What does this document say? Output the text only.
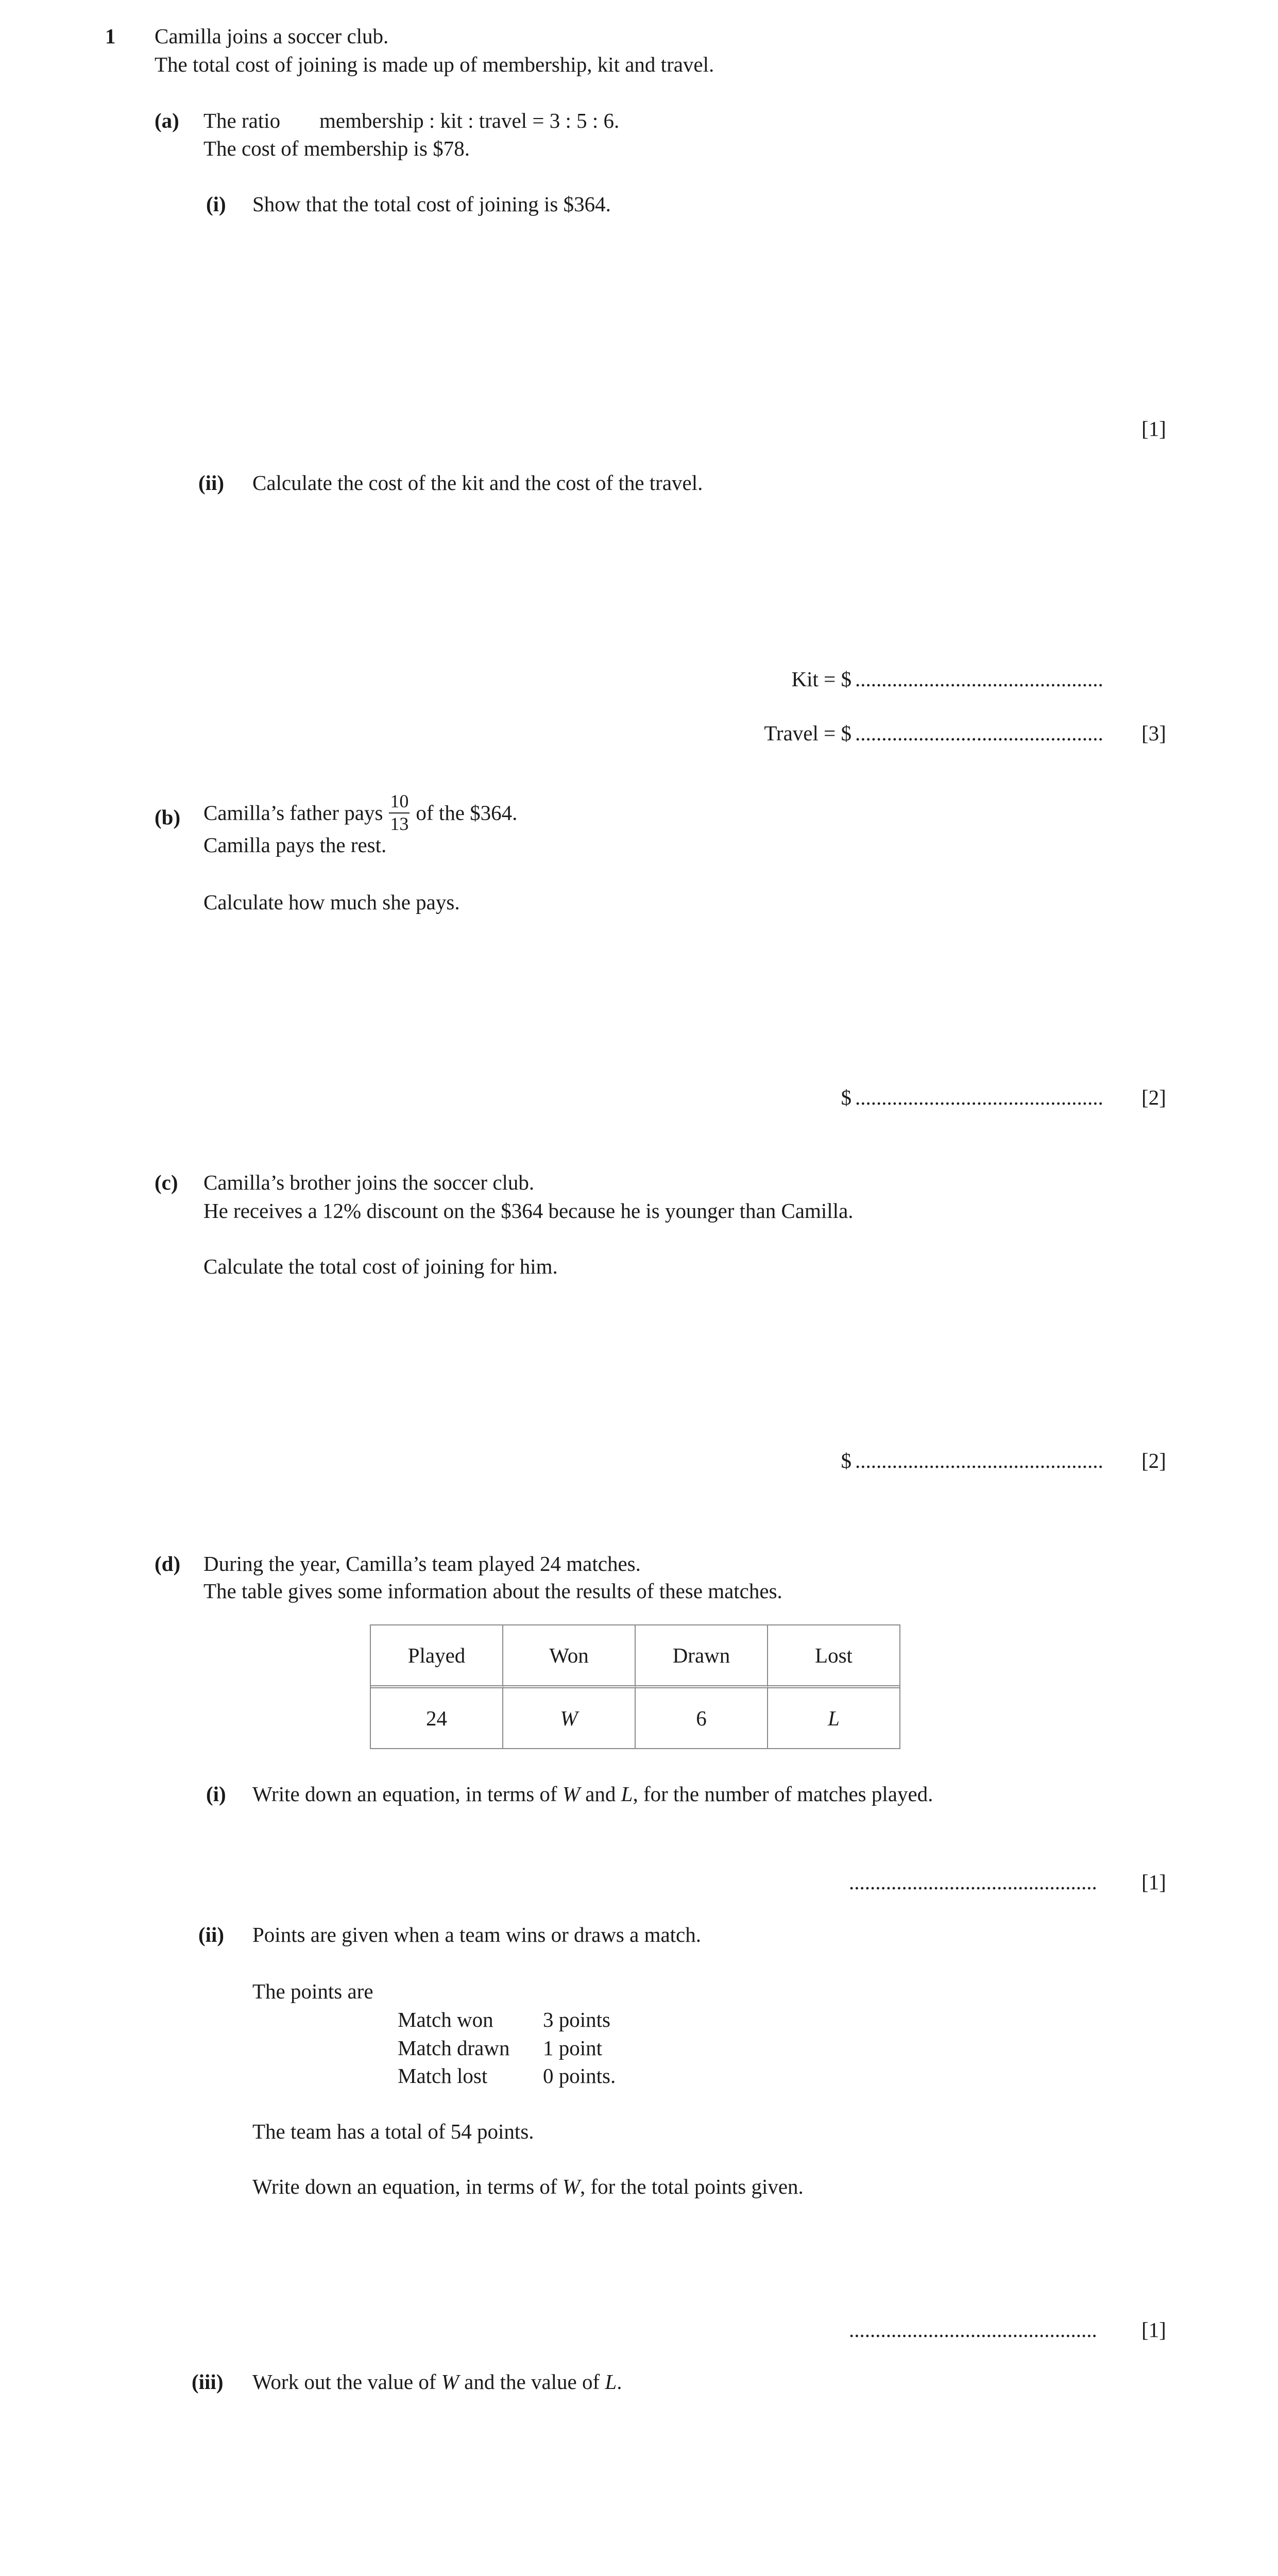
1 Camilla joins a soccer club.
The total cost of joining is made up of membership, kit and travel.
(a) The ratio membership : kit : travel = 3 : 5 : 6.
The cost of membership is $78.
(i) Show that the total cost of joining is $364.
[1]
(ii) Calculate the cost of the kit and the cost of the travel.
Kit = $ ...............................................
Travel = $ ............................................... [3]
(b) Camilla’s father pays $\frac{10}{13}$ of the $364.
Camilla pays the rest.
Calculate how much she pays.
$ ............................................... [2]
(c) Camilla’s brother joins the soccer club.
He receives a 12% discount on the $364 because he is younger than Camilla.
Calculate the total cost of joining for him.
$ ............................................... [2]
(d) During the year, Camilla’s team played 24 matches.
The table gives some information about the results of these matches.
Played	Won	Drawn	Lost
24	W	6	L
(i) Write down an equation, in terms of W and L, for the number of matches played.
............................................... [1]
(ii) Points are given when a team wins or draws a match.
The points are
Match won 3 points
Match drawn 1 point
Match lost	0 points.
The team has a total of 54 points.
Write down an equation, in terms of W, for the total points given.
............................................... [1]
(iii) Work out the value of W and the value of L.
